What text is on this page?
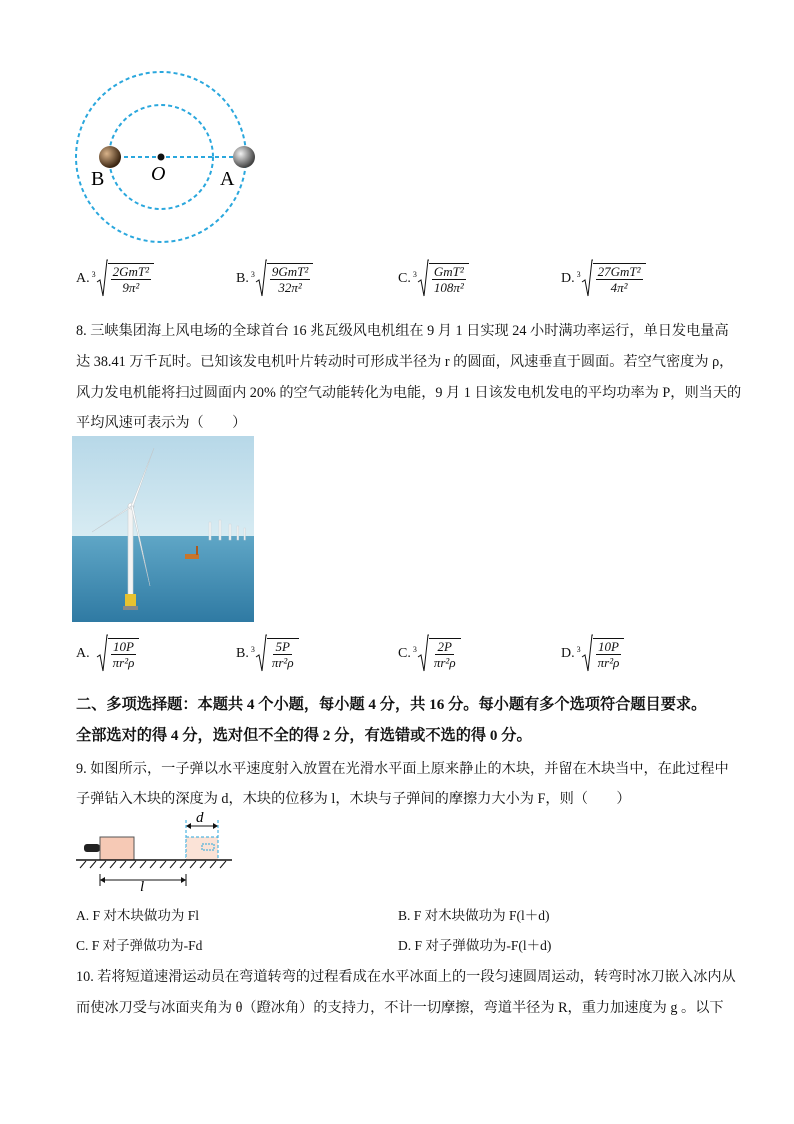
B O	A
A. $3 \frac{\text{2GmT²}}{\text{9π²}}$	B. $3 \frac{\text{9GmT²}}{\text{32π²}}$	C. $3 \frac{\text{GmT²}}{\text{108π²}}$	D. $3 \frac{\text{27GmT²}}{\text{4π²}}$
8. 三峡集团海上风电场的全球首台 16 兆瓦级风电机组在 9 月 1 日实现 24 小时满功率运行，单日发电量高
达 38.41 万千瓦时。已知该发电机叶片转动时可形成半径为 r 的圆面，风速垂直于圆面。若空气密度为 ρ，
风力发电机能将扫过圆面内 20% 的空气动能转化为电能，9 月 1 日该发电机发电的平均功率为 P，则当天的
平均风速可表示为（　　）
A. $\frac{10P}{\text{πr²ρ}}$	B. $3 \frac{5P}{\text{πr²ρ}}$	C. $3 \frac{2P}{\text{πr²ρ}}$	D. $3 \frac{10P}{\text{πr²ρ}}$
二、多项选择题：本题共 4 个小题，每小题 4 分，共 16 分。每小题有多个选项符合题目要求。
全部选对的得 4 分，选对但不全的得 2 分，有选错或不选的得 0 分。
9. 如图所示，一子弹以水平速度射入放置在光滑水平面上原来静止的木块，并留在木块当中，在此过程中
子弹钻入木块的深度为 d，木块的位移为 l，木块与子弹间的摩擦力大小为 F，则（　　）
d
l
A. F 对木块做功为 Fl	B. F 对木块做功为 F(l＋d)
C. F 对子弹做功为-Fd	D. F 对子弹做功为-F(l＋d)
10. 若将短道速滑运动员在弯道转弯的过程看成在水平冰面上的一段匀速圆周运动，转弯时冰刀嵌入冰内从
而使冰刀受与冰面夹角为 θ（蹬冰角）的支持力，不计一切摩擦，弯道半径为 R，重力加速度为 g 。以下
